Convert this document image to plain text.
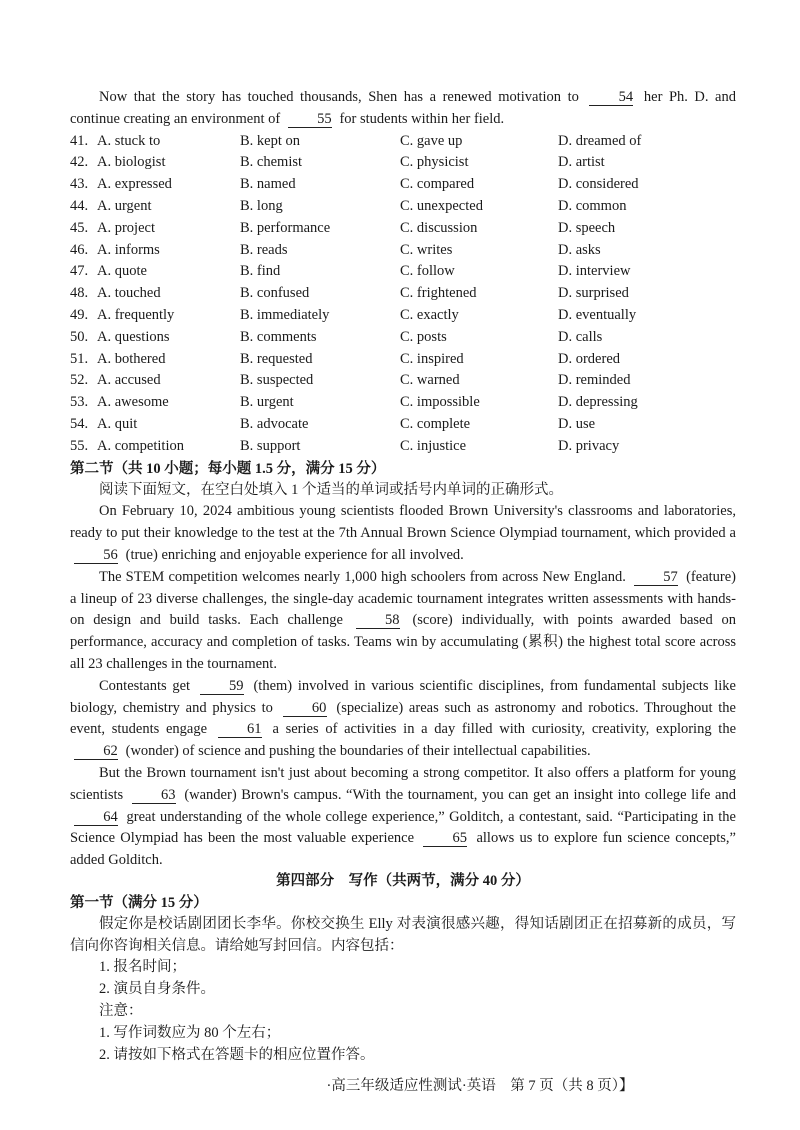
Now that the story has touched thousands, Shen has a renewed motivation to 54 her Ph. D. and continue creating an environment of 55 for students within her field.

41. A. stuck to	B. kept on	C. gave up	D. dreamed of
42. A. biologist	B. chemist	C. physicist	D. artist
43. A. expressed	B. named	C. compared	D. considered
44. A. urgent	B. long	C. unexpected	D. common
45. A. project	B. performance	C. discussion	D. speech
46. A. informs	B. reads	C. writes	D. asks
47. A. quote	B. find	C. follow	D. interview
48. A. touched	B. confused	C. frightened	D. surprised
49. A. frequently	B. immediately	C. exactly	D. eventually
50. A. questions	B. comments	C. posts	D. calls
51. A. bothered	B. requested	C. inspired	D. ordered
52. A. accused	B. suspected	C. warned	D. reminded
53. A. awesome	B. urgent	C. impossible	D. depressing
54. A. quit	B. advocate	C. complete	D. use
55. A. competition	B. support	C. injustice	D. privacy
第二节（共 10 小题；每小题 1.5 分，满分 15 分）

阅读下面短文，在空白处填入 1 个适当的单词或括号内单词的正确形式。

On February 10, 2024 ambitious young scientists flooded Brown University's classrooms and laboratories, ready to put their knowledge to the test at the 7th Annual Brown Science Olympiad tournament, which provided a 56 (true) enriching and enjoyable experience for all involved.

The STEM competition welcomes nearly 1,000 high schoolers from across New England. 57 (feature) a lineup of 23 diverse challenges, the single-day academic tournament integrates written assessments with hands-on design and build tasks. Each challenge 58 (score) individually, with points awarded based on performance, accuracy and completion of tasks. Teams win by accumulating (累积) the highest total score across all 23 challenges in the tournament.

Contestants get 59 (them) involved in various scientific disciplines, from fundamental subjects like biology, chemistry and physics to 60 (specialize) areas such as astronomy and robotics. Throughout the event, students engage 61 a series of activities in a day filled with curiosity, creativity, exploring the 62 (wonder) of science and pushing the boundaries of their intellectual capabilities.

But the Brown tournament isn't just about becoming a strong competitor. It also offers a platform for young scientists 63 (wander) Brown's campus. “With the tournament, you can get an insight into college life and 64 great understanding of the whole college experience,” Golditch, a contestant, said. “Participating in the Science Olympiad has been the most valuable experience 65 allows us to explore fun science concepts,” added Golditch.

第四部分　写作（共两节，满分 40 分）
第一节（满分 15 分）

假定你是校话剧团团长李华。你校交换生 Elly 对表演很感兴趣，得知话剧团正在招募新的成员，写信向你咨询相关信息。请给她写封回信。内容包括：

1. 报名时间；
2. 演员自身条件。
注意：
1. 写作词数应为 80 个左右；
2. 请按如下格式在答题卡的相应位置作答。
·高三年级适应性测试·英语　第 7 页（共 8 页）】
